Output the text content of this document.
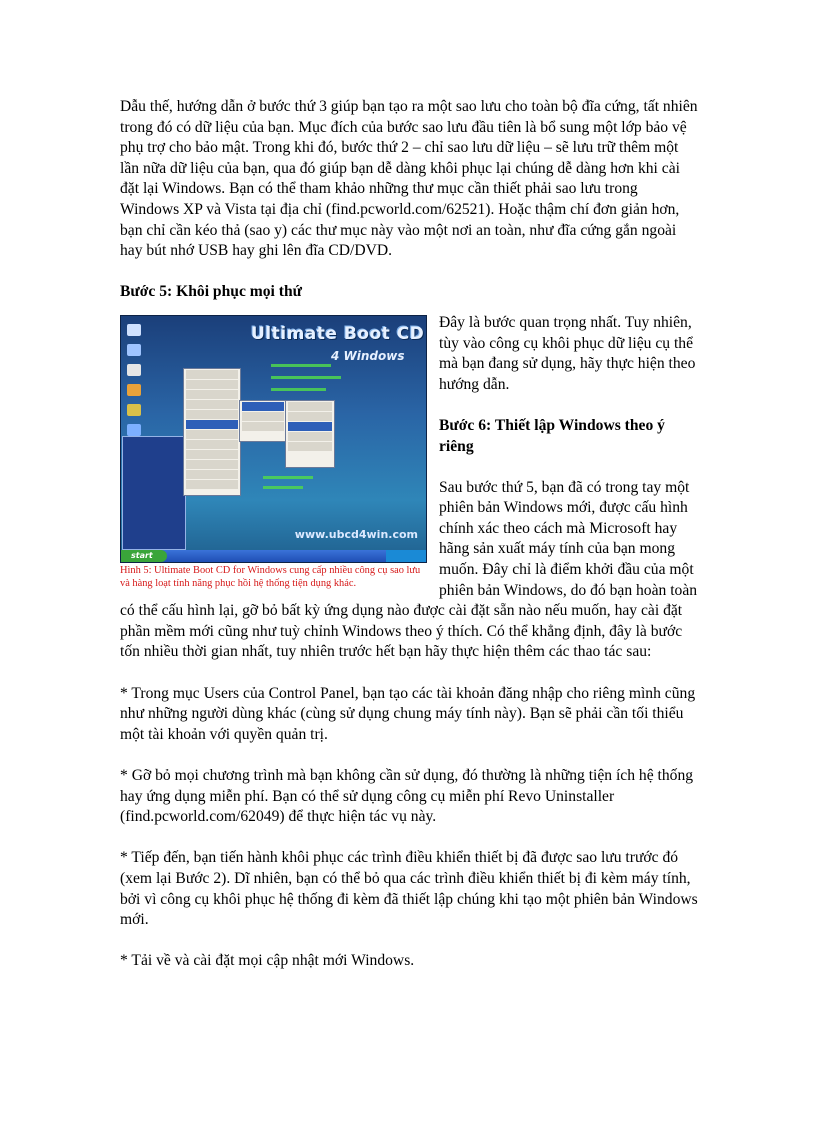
Dẫu thế, hướng dẫn ở bước thứ 3 giúp bạn tạo ra một sao lưu cho toàn bộ đĩa cứng, tất nhiên trong đó có dữ liệu của bạn. Mục đích của bước sao lưu đầu tiên là bổ sung một lớp bảo vệ phụ trợ cho bảo mật. Trong khi đó, bước thứ 2 – chỉ sao lưu dữ liệu – sẽ lưu trữ thêm một lần nữa dữ liệu của bạn, qua đó giúp bạn dễ dàng khôi phục lại chúng dễ dàng hơn khi cài đặt lại Windows. Bạn có thể tham khảo những thư mục cần thiết phải sao lưu trong Windows XP và Vista tại địa chỉ (find.pcworld.com/62521). Hoặc thậm chí đơn giản hơn, bạn chỉ cần kéo thả (sao y) các thư mục này vào một nơi an toàn, như đĩa cứng gắn ngoài hay bút nhớ USB hay ghi lên đĩa CD/DVD.

Bước 5: Khôi phục mọi thứ

Ultimate Boot CD
4 Windows
www.ubcd4win.com
start
Hình 5: Ultimate Boot CD for Windows cung cấp nhiều công cụ sao lưu và hàng loạt tính năng phục hồi hệ thống tiện dụng khác.

Đây là bước quan trọng nhất. Tuy nhiên, tùy vào công cụ khôi phục dữ liệu cụ thể mà bạn đang sử dụng, hãy thực hiện theo hướng dẫn.

Bước 6: Thiết lập Windows theo ý riêng

Sau bước thứ 5, bạn đã có trong tay một phiên bản Windows mới, được cấu hình chính xác theo cách mà Microsoft hay hãng sản xuất máy tính của bạn mong muốn. Đây chỉ là điểm khởi đầu của một phiên bản Windows, do đó bạn hoàn toàn có thể cấu hình lại, gỡ bỏ bất kỳ ứng dụng nào được cài đặt sẵn nào nếu muốn, hay cài đặt phần mềm mới cũng như tuỳ chỉnh Windows theo ý thích. Có thể khẳng định, đây là bước tốn nhiều thời gian nhất, tuy nhiên trước hết bạn hãy thực hiện thêm các thao tác sau:

* Trong mục Users của Control Panel, bạn tạo các tài khoản đăng nhập cho riêng mình cũng như những người dùng khác (cùng sử dụng chung máy tính này). Bạn sẽ phải cần tối thiểu một tài khoản với quyền quản trị.

* Gỡ bỏ mọi chương trình mà bạn không cần sử dụng, đó thường là những tiện ích hệ thống hay ứng dụng miễn phí. Bạn có thể sử dụng công cụ miễn phí Revo Uninstaller (find.pcworld.com/62049) để thực hiện tác vụ này.

* Tiếp đến, bạn tiến hành khôi phục các trình điều khiển thiết bị đã được sao lưu trước đó (xem lại Bước 2). Dĩ nhiên, bạn có thể bỏ qua các trình điều khiển thiết bị đi kèm máy tính, bởi vì công cụ khôi phục hệ thống đi kèm đã thiết lập chúng khi tạo một phiên bản Windows mới.

* Tải về và cài đặt mọi cập nhật mới Windows.
